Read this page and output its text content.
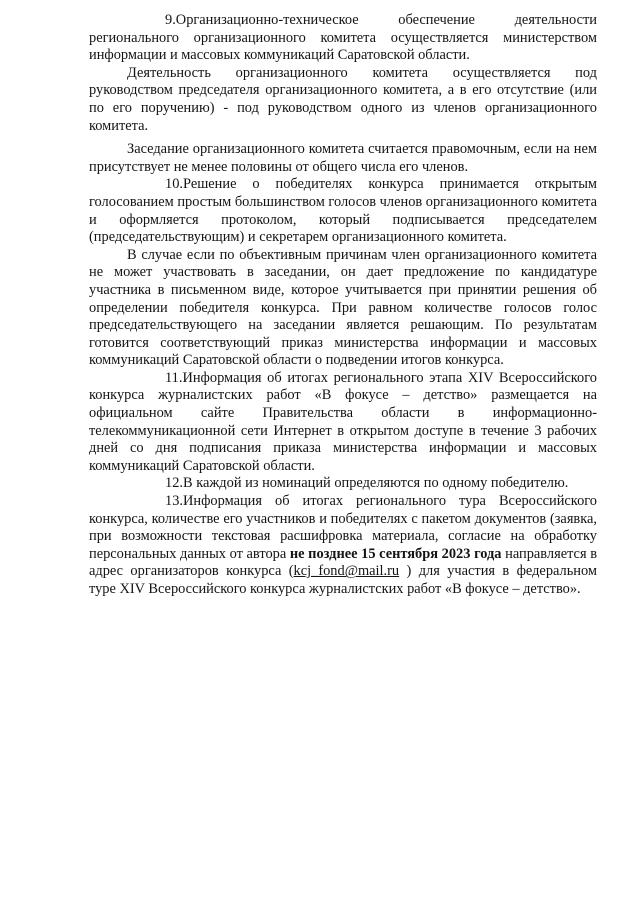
9.Организационно-техническое обеспечение деятельности регионального организационного комитета осуществляется министерством информации и массовых коммуникаций Саратовской области.

Деятельность организационного комитета осуществляется под руководством председателя организационного комитета, а в его отсутствие (или по его поручению) - под руководством одного из членов организационного комитета.

Заседание организационного комитета считается правомочным, если на нем присутствует не менее половины от общего числа его членов.

10.Решение о победителях конкурса принимается открытым голосованием простым большинством голосов членов организационного комитета и оформляется протоколом, который подписывается председателем (председательствующим) и секретарем организационного комитета.

В случае если по объективным причинам член организационного комитета не может участвовать в заседании, он дает предложение по кандидатуре участника в письменном виде, которое учитывается при принятии решения об определении победителя конкурса. При равном количестве голосов голос председательствующего на заседании является решающим. По результатам готовится соответствующий приказ министерства информации и массовых коммуникаций Саратовской области о подведении итогов конкурса.

11.Информация об итогах регионального этапа XIV Всероссийского конкурса журналистских работ «В фокусе – детство» размещается на официальном сайте Правительства области в информационно-телекоммуникационной сети Интернет в открытом доступе в течение 3 рабочих дней со дня подписания приказа министерства информации и массовых коммуникаций Саратовской области.

12.В каждой из номинаций определяются по одному победителю.

13.Информация об итогах регионального тура Всероссийского конкурса, количестве его участников и победителях с пакетом документов (заявка, при возможности текстовая расшифровка материала, согласие на обработку персональных данных от автора не позднее 15 сентября 2023 года направляется в адрес организаторов конкурса (kcj_fond@mail.ru ) для участия в федеральном туре XIV Всероссийского конкурса журналистских работ «В фокусе – детство».
